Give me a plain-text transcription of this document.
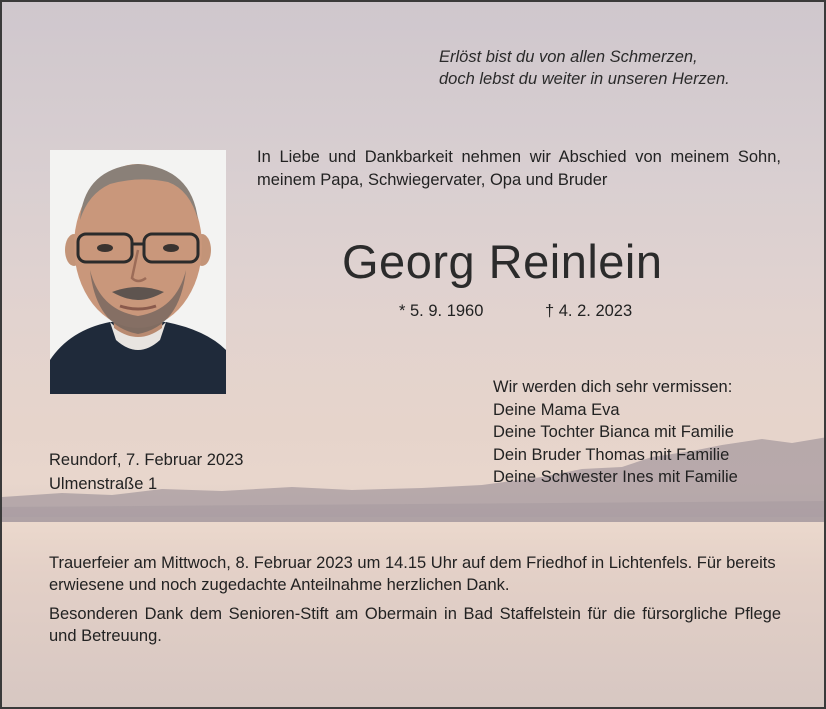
Erlöst bist du von allen Schmerzen,
doch lebst du weiter in unseren Herzen.
In Liebe und Dankbarkeit nehmen wir Abschied von meinem Sohn, meinem Papa, Schwiegervater, Opa und Bruder
Georg Reinlein
* 5. 9. 1960	† 4. 2. 2023
Reundorf, 7. Februar 2023
Ulmenstraße 1
Wir werden dich sehr vermissen:
Deine Mama Eva
Deine Tochter Bianca mit Familie
Dein Bruder Thomas mit Familie
Deine Schwester Ines mit Familie

Trauerfeier am Mittwoch, 8. Februar 2023 um 14.15 Uhr auf dem Friedhof in Lichtenfels. Für bereits erwiesene und noch zugedachte Anteilnahme herzlichen Dank.

Besonderen Dank dem Senioren-Stift am Obermain in Bad Staffelstein für die fürsorgliche Pflege und Betreuung.
